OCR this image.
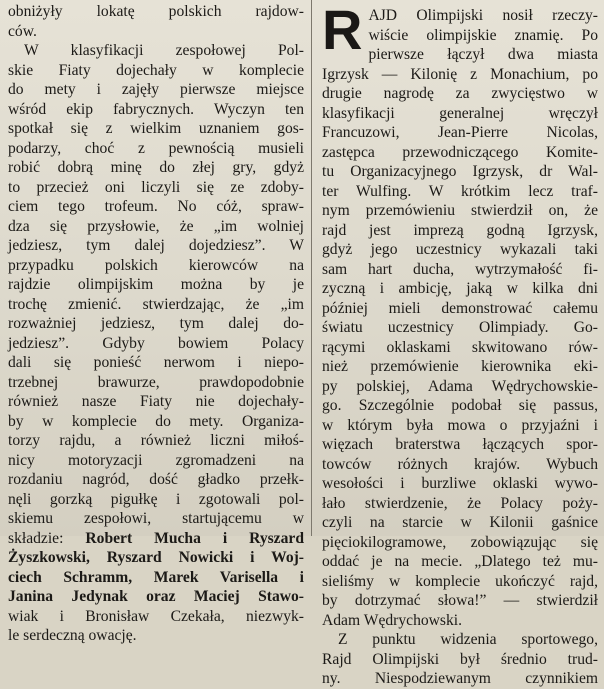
obniżyły lokatę polskich rajdow-
ców.
W klasyfikacji zespołowej Pol-
skie Fiaty dojechały w komplecie
do mety i zajęły pierwsze miejsce
wśród ekip fabrycznych. Wyczyn ten
spotkał się z wielkim uznaniem gos-
podarzy, choć z pewnością musieli
robić dobrą minę do złej gry, gdyż
to przecież oni liczyli się ze zdoby-
ciem tego trofeum. No cóż, spraw-
dza się przysłowie, że „im wolniej
jedziesz, tym dalej dojedziesz”. W
przypadku polskich kierowców na
rajdzie olimpijskim można by je
trochę zmienić. stwierdzając, że „im
rozważniej jedziesz, tym dalej do-
jedziesz”. Gdyby bowiem Polacy
dali się ponieść nerwom i niepo-
trzebnej brawurze, prawdopodobnie
również nasze Fiaty nie dojechały-
by w komplecie do mety. Organiza-
torzy rajdu, a również liczni miłoś-
nicy motoryzacji zgromadzeni na
rozdaniu nagród, dość gładko przełk-
nęli gorzką pigułkę i zgotowali pol-
skiemu zespołowi, startującemu w
składzie: Robert Mucha i Ryszard
Żyszkowski, Ryszard Nowicki i Woj-
ciech Schramm, Marek Varisella i
Janina Jedynak oraz Maciej Stawo-
wiak i Bronisław Czekała, niezwyk-
le serdeczną owację.
R AJD Olimpijski nosił rzeczy-
wiście olimpijskie znamię. Po
pierwsze łączył dwa miasta
Igrzysk — Kilonię z Monachium, po
drugie nagrodę za zwycięstwo w
klasyfikacji generalnej wręczył
Francuzowi, Jean-Pierre Nicolas,
zastępca przewodniczącego Komite-
tu Organizacyjnego Igrzysk, dr Wal-
ter Wulfing. W krótkim lecz traf-
nym przemówieniu stwierdził on, że
rajd jest imprezą godną Igrzysk,
gdyż jego uczestnicy wykazali taki
sam hart ducha, wytrzymałość fi-
zyczną i ambicję, jaką w kilka dni
później mieli demonstrować całemu
światu uczestnicy Olimpiady. Go-
rącymi oklaskami skwitowano rów-
nież przemówienie kierownika eki-
py polskiej, Adama Wędrychowskie-
go. Szczególnie podobał się passus,
w którym była mowa o przyjaźni i
więzach braterstwa łączących spor-
towców różnych krajów. Wybuch
wesołości i burzliwe oklaski wywo-
łało stwierdzenie, że Polacy pożу-
czyli na starcie w Kilonii gaśnice
pięciokilogramowe, zobowiązując się
oddać je na mecie. „Dlatego też mu-
sieliśmy w komplecie ukończyć rajd,
by dotrzymać słowa!” — stwierdził
Adam Wędrychowski.
Z punktu widzenia sportowego,
Rajd Olimpijski był średnio trud-
ny. Niespodziewanym czynnikiem
